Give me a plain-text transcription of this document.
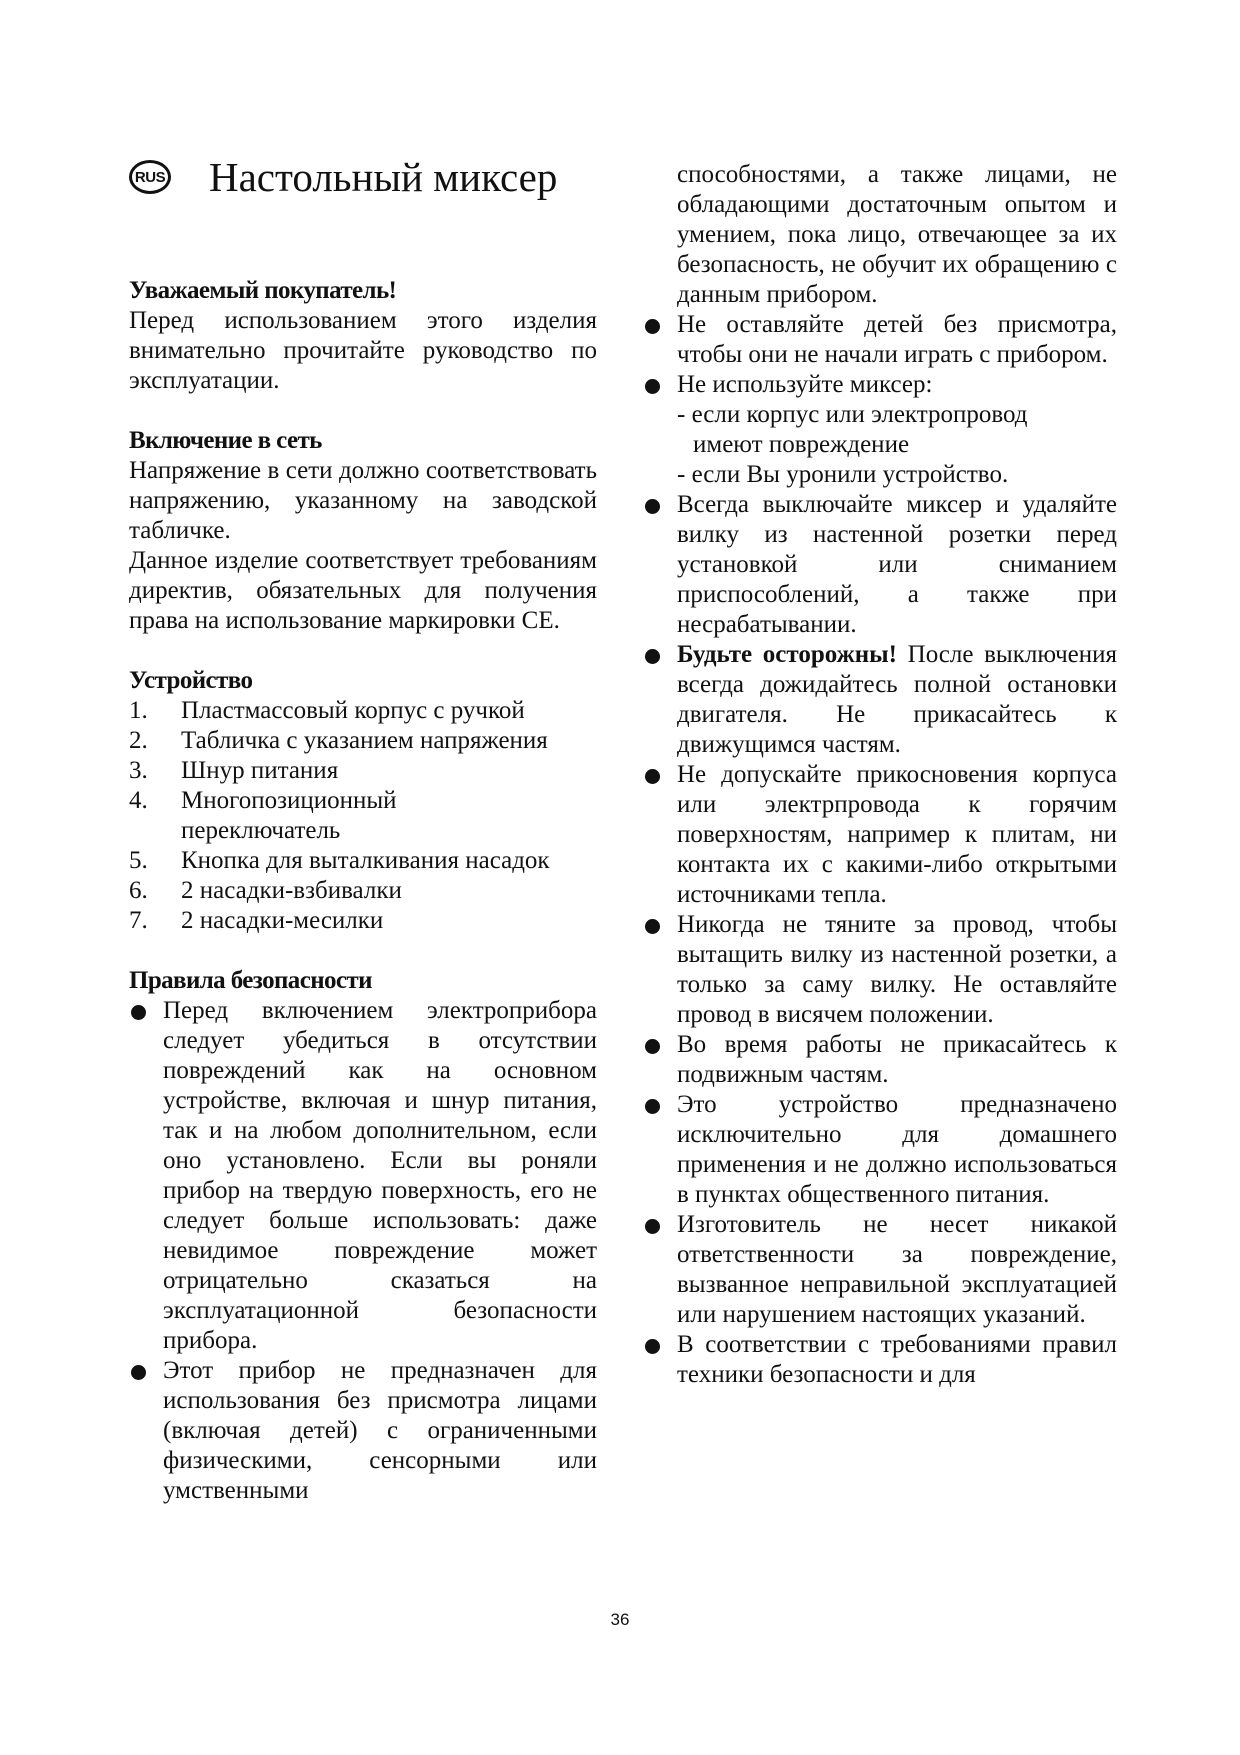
RUS Настольный миксер
Уважаемый покупатель!

Перед использованием этого изделия внимательно прочитайте руководство по эксплуатации.

Включение в сеть

Напряжение в сети должно соответствовать напряжению, указанному на заводской табличке.

Данное изделие соответствует требованиям директив, обязательных для получения права на использование маркировки CE.

Устройство
1.	Пластмассовый корпус с ручкой
2.	Табличка с указанием напряжения
3.	Шнур питания
4.	Многопозиционный переключатель
5.	Кнопка для выталкивания насадок
6.	2 насадки-взбивалки
7.	2 насадки-месилки
Правила безопасности
Перед включением электроприбора следует убедиться в отсутствии повреждений как на основном устройстве, включая и шнур питания, так и на любом дополнительном, если оно установлено. Если вы роняли прибор на твердую поверхность, его не следует больше использовать: даже невидимое повреждение может отрицательно сказаться на эксплуатационной безопасности прибора.
Этот прибор не предназначен для использования без присмотра лицами (включая детей) с ограниченными физическими, сенсорными или умственными
способностями, а также лицами, не обладающими достаточным опытом и умением, пока лицо, отвечающее за их безопасность, не обучит их обращению с данным прибором.
Не оставляйте детей без присмотра, чтобы они не начали играть с прибором.
Не используйте миксер:
- если корпус или электропровод
имеют повреждение
- если Вы уронили устройство.
Всегда выключайте миксер и удаляйте вилку из настенной розетки перед установкой или сниманием приспособлений, а также при несрабатывании.
Будьте осторожны! После выключения всегда дожидайтесь полной остановки двигателя. Не прикасайтесь к движущимся частям.
Не допускайте прикосновения корпуса или электрпровода к горячим поверхностям, например к плитам, ни контакта их с какими-либо открытыми источниками тепла.
Никогда не тяните за провод, чтобы вытащить вилку из настенной розетки, а только за саму вилку. Не оставляйте провод в висячем положении.
Во время работы не прикасайтесь к подвижным частям.
Это устройство предназначено исключительно для домашнего применения и не должно использоваться в пунктах общественного питания.
Изготовитель не несет никакой ответственности за повреждение, вызванное неправильной эксплуатацией или нарушением настоящих указаний.
В соответствии с требованиями правил техники безопасности и для
36
